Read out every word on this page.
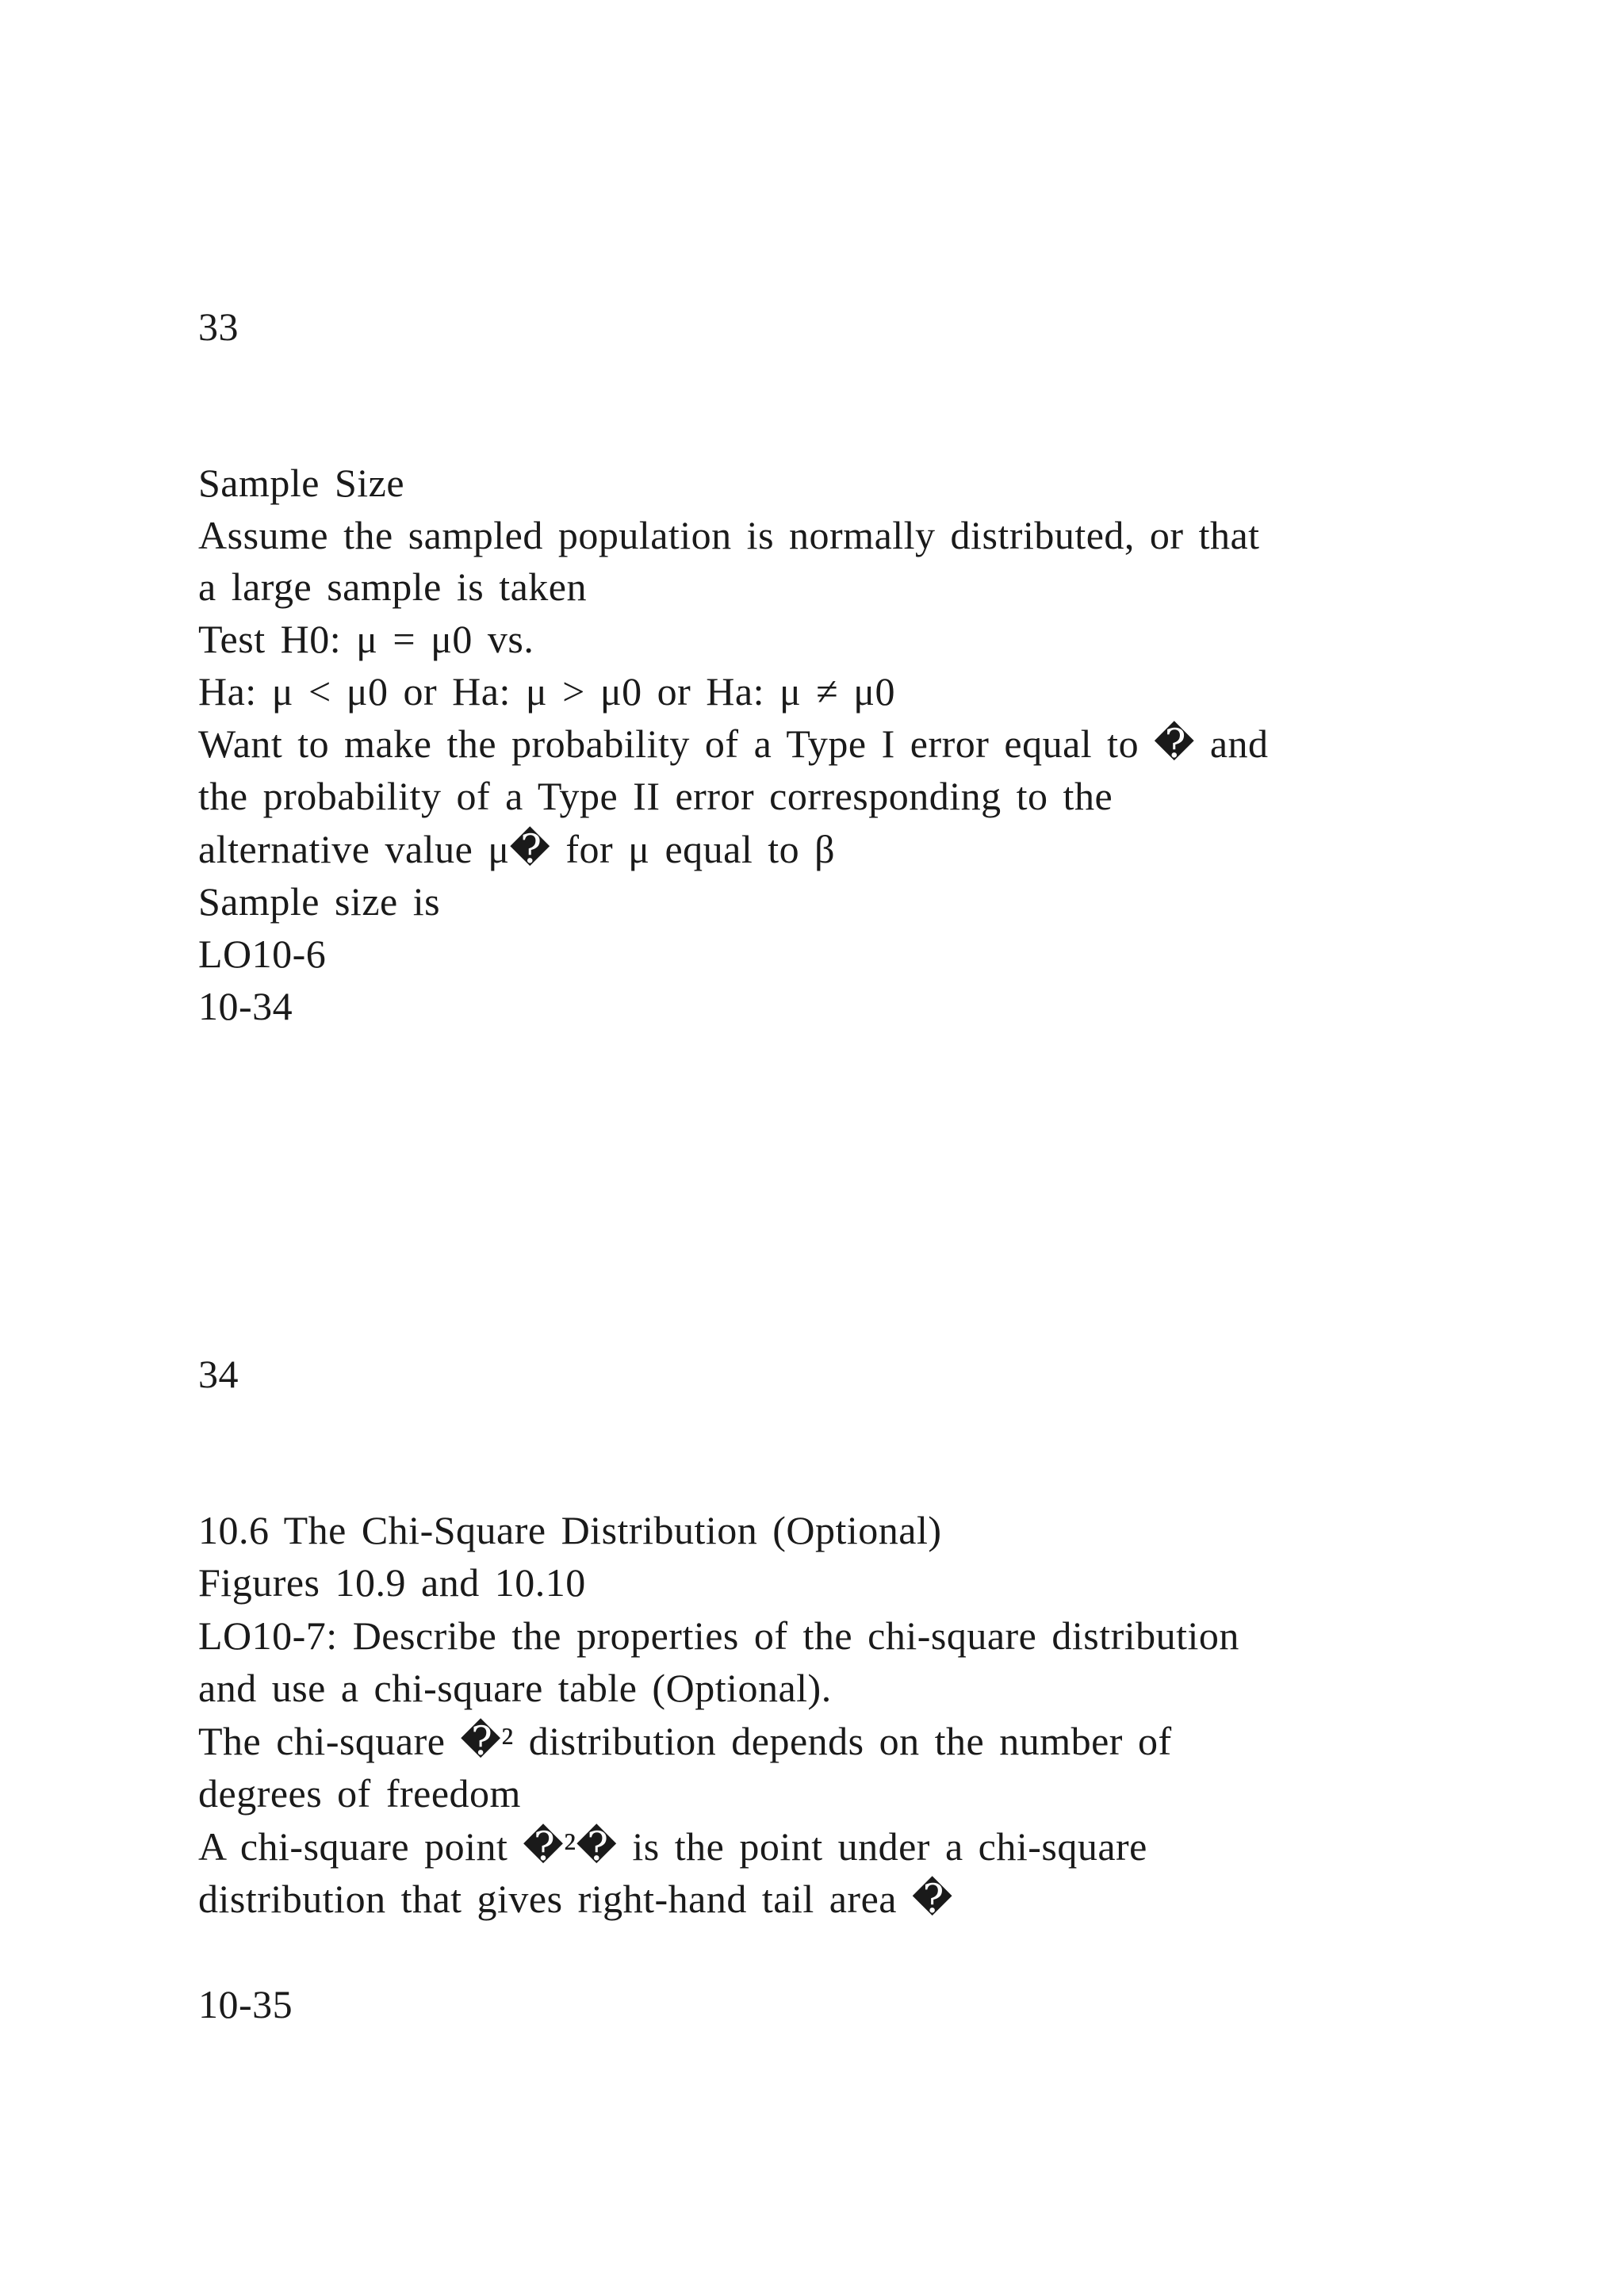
33
Sample Size
Assume the sampled population is normally distributed, or that
a large sample is taken
Test H0: μ = μ0 vs.
Ha: μ < μ0 or Ha: μ > μ0 or Ha: μ ≠ μ0
Want to make the probability of a Type I error equal to � and
the probability of a Type II error corresponding to the
alternative value μ� for μ equal to β
Sample size is
LO10-6
10-34
34
10.6 The Chi-Square Distribution (Optional)
Figures 10.9 and 10.10
LO10-7: Describe the properties of the chi-square distribution
and use a chi-square table (Optional).
The chi-square �² distribution depends on the number of
degrees of freedom
A chi-square point �²� is the point under a chi-square
distribution that gives right-hand tail area �
10-35
